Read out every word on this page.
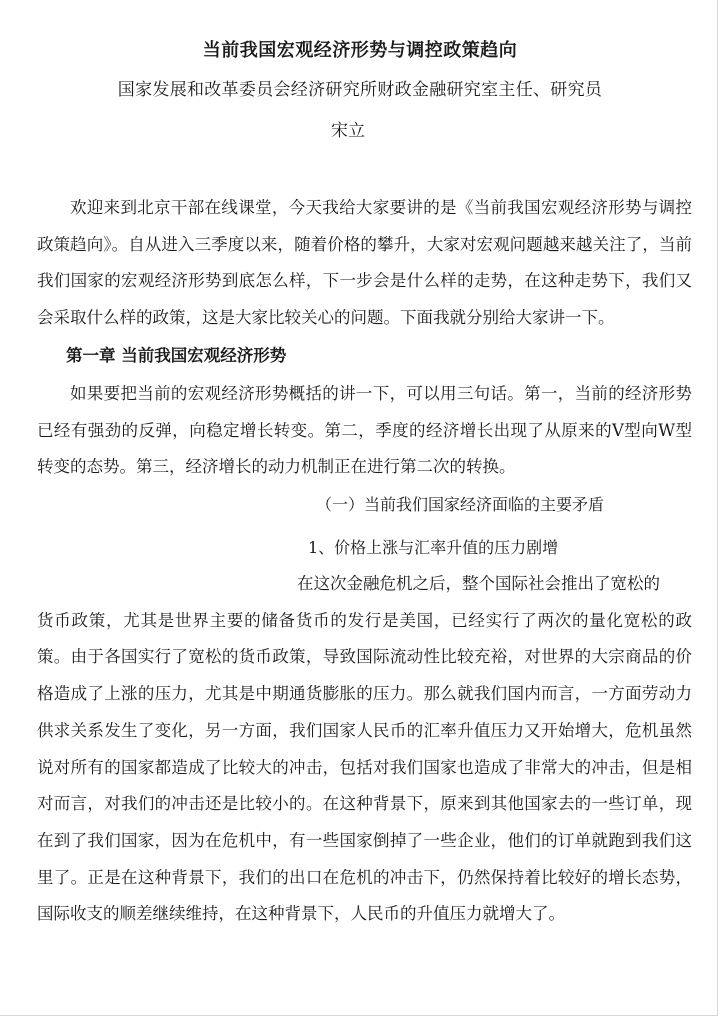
当前我国宏观经济形势与调控政策趋向
国家发展和改革委员会经济研究所财政金融研究室主任、研究员
宋立
欢迎来到北京干部在线课堂，今天我给大家要讲的是《当前我国宏观经济形势与调控政策趋向》。自从进入三季度以来，随着价格的攀升，大家对宏观问题越来越关注了，当前我们国家的宏观经济形势到底怎么样，下一步会是什么样的走势，在这种走势下，我们又会采取什么样的政策，这是大家比较关心的问题。下面我就分别给大家讲一下。
第一章 当前我国宏观经济形势
如果要把当前的宏观经济形势概括的讲一下，可以用三句话。第一，当前的经济形势已经有强劲的反弹，向稳定增长转变。第二，季度的经济增长出现了从原来的V型向W型转变的态势。第三，经济增长的动力机制正在进行第二次的转换。
（一）当前我们国家经济面临的主要矛盾
1、价格上涨与汇率升值的压力剧增
在这次金融危机之后，整个国际社会推出了宽松的
货币政策，尤其是世界主要的储备货币的发行是美国，已经实行了两次的量化宽松的政策。由于各国实行了宽松的货币政策，导致国际流动性比较充裕，对世界的大宗商品的价格造成了上涨的压力，尤其是中期通货膨胀的压力。那么就我们国内而言，一方面劳动力供求关系发生了变化，另一方面，我们国家人民币的汇率升值压力又开始增大，危机虽然说对所有的国家都造成了比较大的冲击，包括对我们国家也造成了非常大的冲击，但是相对而言，对我们的冲击还是比较小的。在这种背景下，原来到其他国家去的一些订单，现在到了我们国家，因为在危机中，有一些国家倒掉了一些企业，他们的订单就跑到我们这里了。正是在这种背景下，我们的出口在危机的冲击下，仍然保持着比较好的增长态势，国际收支的顺差继续维持，在这种背景下，人民币的升值压力就增大了。
